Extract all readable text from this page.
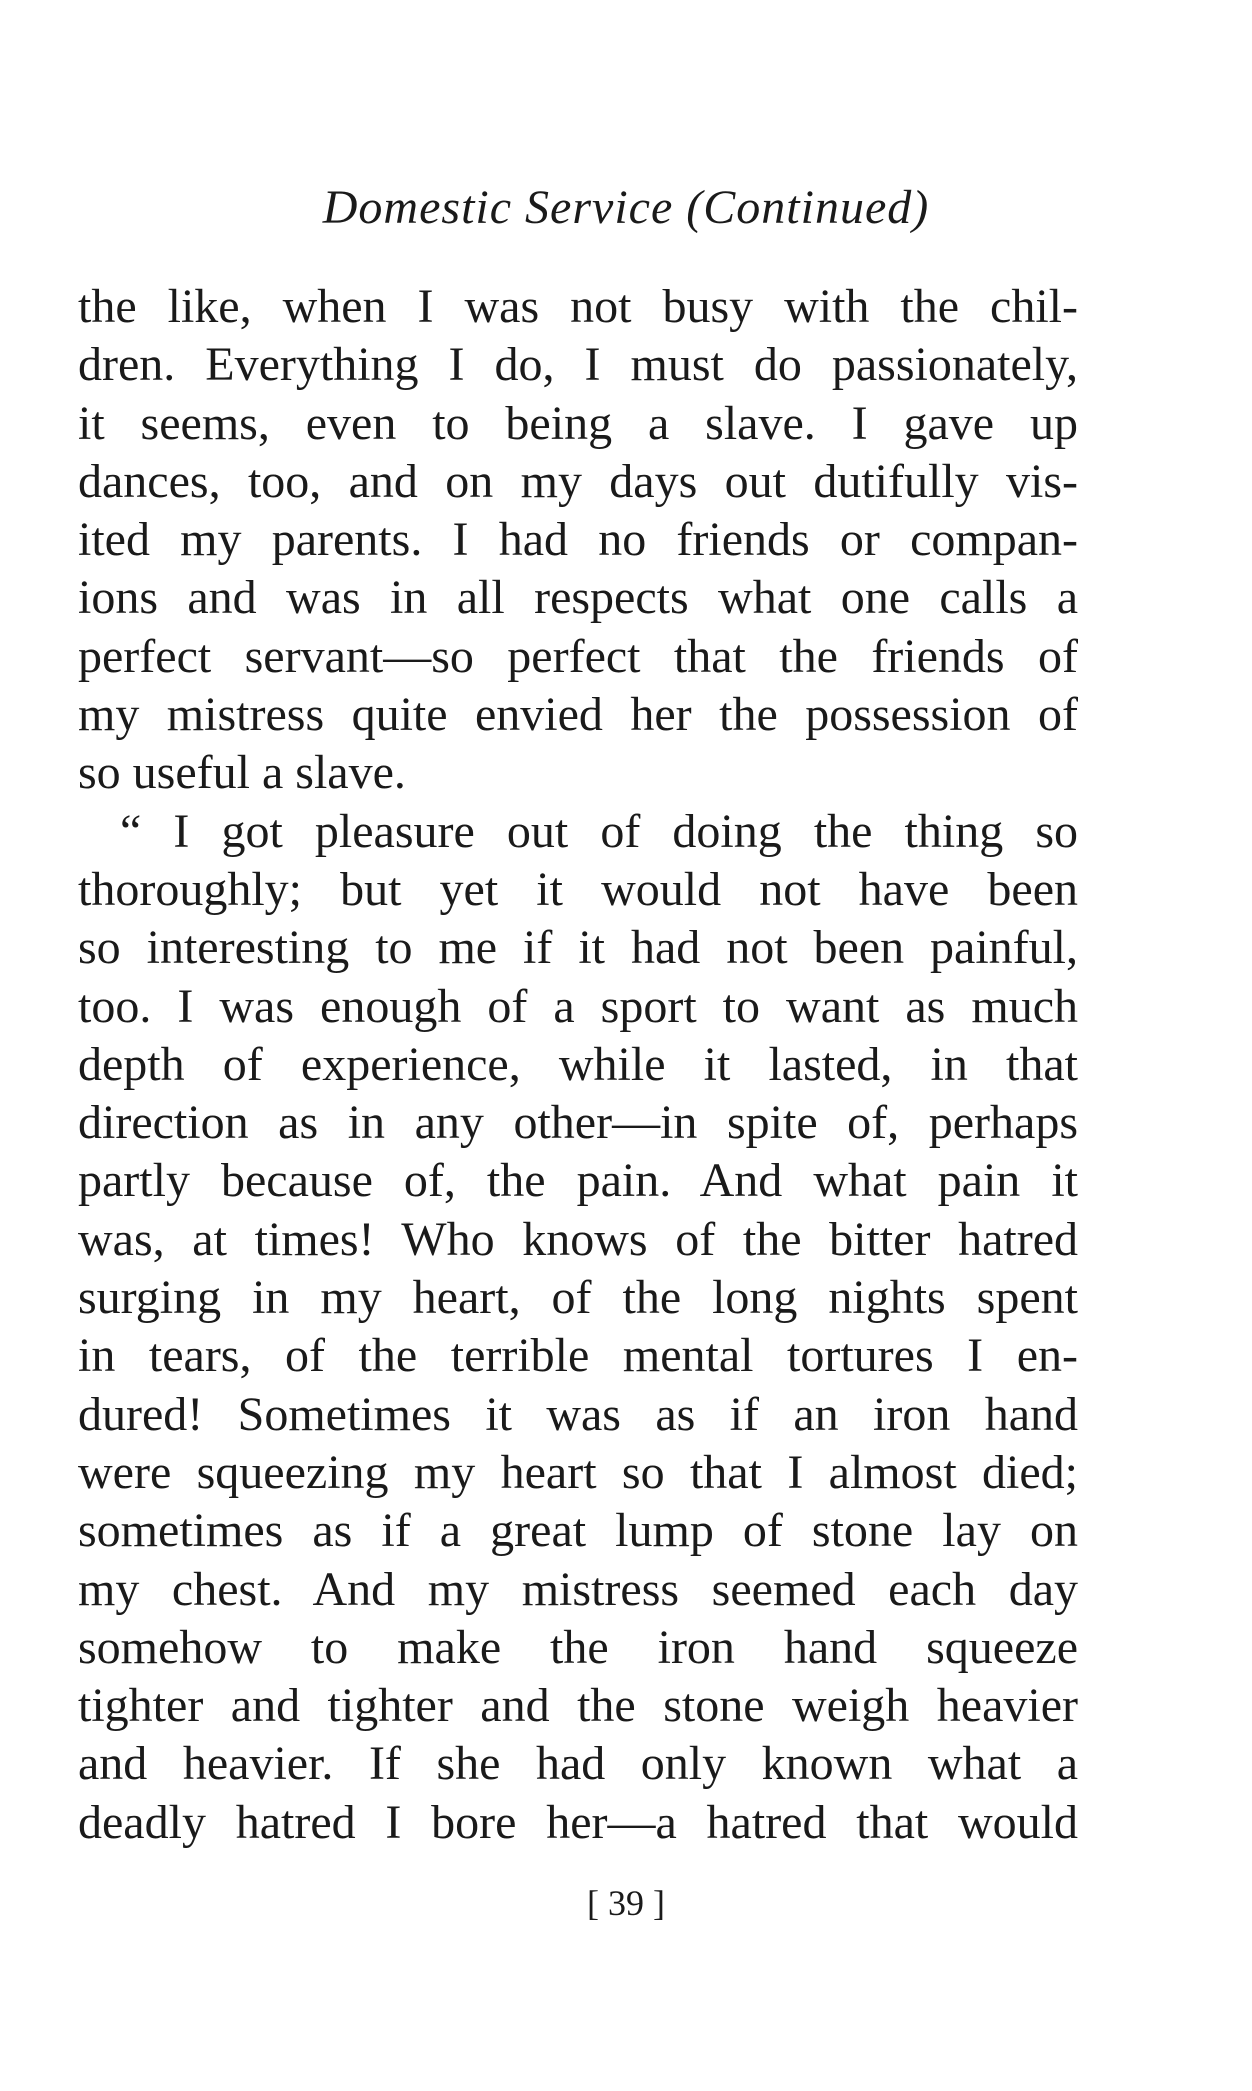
Domestic Service (Continued)
the like, when I was not busy with the chil-
dren. Everything I do, I must do passionately,
it seems, even to being a slave. I gave up
dances, too, and on my days out dutifully vis-
ited my parents. I had no friends or compan-
ions and was in all respects what one calls a
perfect servant—so perfect that the friends of
my mistress quite envied her the possession of
so useful a slave.
“ I got pleasure out of doing the thing so
thoroughly; but yet it would not have been
so interesting to me if it had not been painful,
too. I was enough of a sport to want as much
depth of experience, while it lasted, in that
direction as in any other—in spite of, perhaps
partly because of, the pain. And what pain it
was, at times! Who knows of the bitter hatred
surging in my heart, of the long nights spent
in tears, of the terrible mental tortures I en-
dured! Sometimes it was as if an iron hand
were squeezing my heart so that I almost died;
sometimes as if a great lump of stone lay on
my chest. And my mistress seemed each day
somehow to make the iron hand squeeze
tighter and tighter and the stone weigh heavier
and heavier. If she had only known what a
deadly hatred I bore her—a hatred that would
[ 39 ]
